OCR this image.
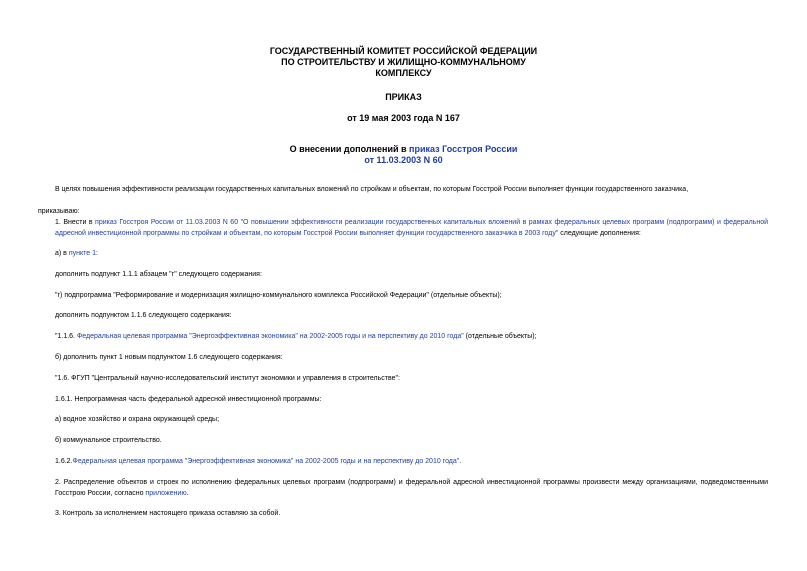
ГОСУДАРСТВЕННЫЙ КОМИТЕТ РОССИЙСКОЙ ФЕДЕРАЦИИ

ПО СТРОИТЕЛЬСТВУ И ЖИЛИЩНО-КОММУНАЛЬНОМУ

КОМПЛЕКСУ

ПРИКАЗ

от 19 мая 2003 года N 167

О внесении дополнений в приказ Госстроя России

от 11.03.2003 N 60

В целях повышения эффективности реализации государственных капитальных вложений по стройкам и объектам, по которым Госстрой России выполняет функции государственного заказчика,

приказываю:

1. Внести в приказ Госстроя России от 11.03.2003 N 60 "О повышении эффективности реализации государственных капитальных вложений в рамках федеральных целевых программ (подпрограмм) и федеральной адресной инвестиционной программы по стройкам и объектам, по которым Госстрой России выполняет функции государственного заказчика в 2003 году" следующие дополнения:

а) в пункте 1:

дополнить подпункт 1.1.1 абзацем "г" следующего содержания:

"г) подпрограмма "Реформирование и модернизация жилищно-коммунального комплекса Российской Федерации" (отдельные объекты);

дополнить подпунктом 1.1.6 следующего содержания:

"1.1.6. Федеральная целевая программа "Энергоэффективная экономика" на 2002-2005 годы и на перспективу до 2010 года" (отдельные объекты);

б) дополнить пункт 1 новым подпунктом 1.6 следующего содержания:

"1.6. ФГУП "Центральный научно-исследовательский институт экономики и управления в строительстве":

1.6.1. Непрограммная часть федеральной адресной инвестиционной программы:

а) водное хозяйство и охрана окружающей среды;

б) коммунальное строительство.

1.6.2.Федеральная целевая программа "Энергоэффективная экономика" на 2002-2005 годы и на перспективу до 2010 года".

2. Распределение объектов и строек по исполнению федеральных целевых программ (подпрограмм) и федеральной адресной инвестиционной программы произвести между организациями, подведомственными Госстрою России, согласно приложению.

3. Контроль за исполнением настоящего приказа оставляю за собой.
